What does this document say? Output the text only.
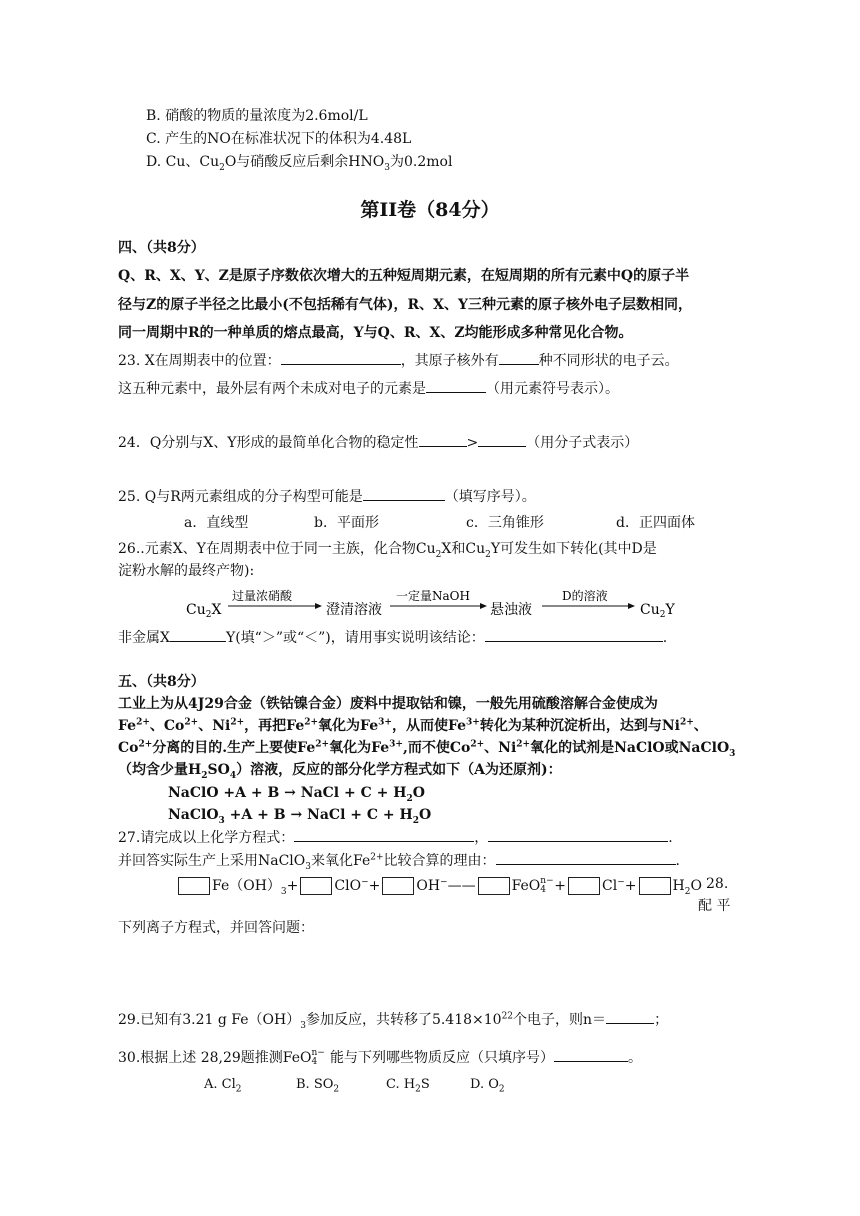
B. 硝酸的物质的量浓度为2.6mol/L
C. 产生的NO在标准状况下的体积为4.48L
D. Cu、$Cu_2O$与硝酸反应后剩余$HNO_3$为0.2mol
第II卷（84分）
四、（共8分）
Q、R、X、Y、Z是原子序数依次增大的五种短周期元素，在短周期的所有元素中Q的原子半
径与Z的原子半径之比最小(不包括稀有气体)，R、X、Y三种元素的原子核外电子层数相同，
同一周期中R的一种单质的熔点最高，Y与Q、R、X、Z均能形成多种常见化合物。
23. X在周期表中的位置：	，其原子核外有	种不同形状的电子云。
这五种元素中，最外层有两个未成对电子的元素是	（用元素符号表示）。
24．Q分别与X、Y形成的最简单化合物的稳定性	>	（用分子式表示）
25. Q与R两元素组成的分子构型可能是	（填写序号）。
a．直线型	b．平面形	c．三角锥形	d．正四面体
26..元素X、Y在周期表中位于同一主族，化合物$Cu_2X$和$Cu_2Y$可发生如下转化(其中D是
淀粉水解的最终产物):
$Cu_2X$
过量浓硝酸
澄清溶液
一定量NaOH
悬浊液
D的溶液
$Cu_2Y$
非金属X	Y(填“＞”或“＜”)，请用事实说明该结论：	.
五、（共8分）
工业上为从4J29合金（铁钴镍合金）废料中提取钴和镍，一般先用硫酸溶解合金使成为
$Fe^{2+}$、$Co^{2+}$、$Ni^{2+}$，再把$Fe^{2+}$氧化为$Fe^{3+}$，从而使$Fe^{3+}$转化为某种沉淀析出，达到与$Ni^{2+}$、
$Co^{2+}$分离的目的.生产上要使$Fe^{2+}$氧化为$Fe^{3+}$,而不使$Co^{2+}$、$Ni^{2+}$氧化的试剂是NaClO或NaClO$_3$
（均含少量$H_2SO_4$）溶液，反应的部分化学方程式如下（A为还原剂)：
NaClO +A + B → NaCl + $C + H_2O$
NaClO$_3$ +A + B → NaCl + $C + H_2O$
27.请完成以上化学方程式：	，	.
并回答实际生产上采用NaClO$_3$来氧化$Fe^{2+}$比较合算的理由：	.
$Fe(OH)_3+$	ClO−+	OH−——	FeO n−
4 +	Cl−+	$H_2O$ 28.
配 平
下列离子方程式，并回答问题：
29.已知有3.21 g $Fe(OH)_3$参加反应，共转移了$5.418\times 10^{22}$个电子，则n＝	；
30.根据上述 28,29题推测FeO n−
4 能与下列哪些物质反应（只填序号）	。
A. $Cl_2$	B. $SO_2$	C. $H_2S$	D. $O_2$
